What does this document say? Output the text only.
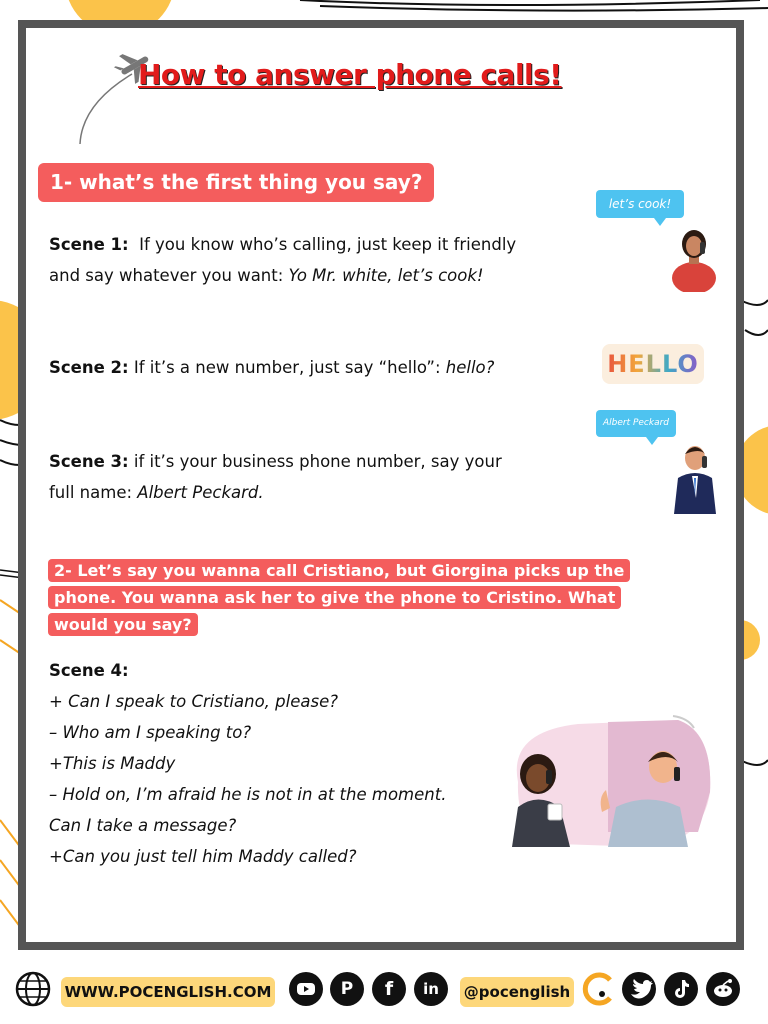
How to answer phone calls!
1- what’s the first thing you say?
Scene 1:  If you know who’s calling, just keep it friendly
and say whatever you want: Yo Mr. white, let’s cook!
let’s cook!
Scene 2: If it’s a new number, just say “hello”: hello?	HELLO
Scene 3: if it’s your business phone number, say your
full name: Albert Peckard.
Albert Peckard
2- Let’s say you wanna call Cristiano, but Giorgina picks up the
phone. You wanna ask her to give the phone to Cristino. What
would you say?
Scene 4:
+ Can I speak to Cristiano, please?
– Who am I speaking to?
+This is Maddy
– Hold on, I’m afraid he is not in at the moment.
Can I take a message?
+Can you just tell him Maddy called?
WWW.POCENGLISH.COM	P	f	in	@pocenglish
